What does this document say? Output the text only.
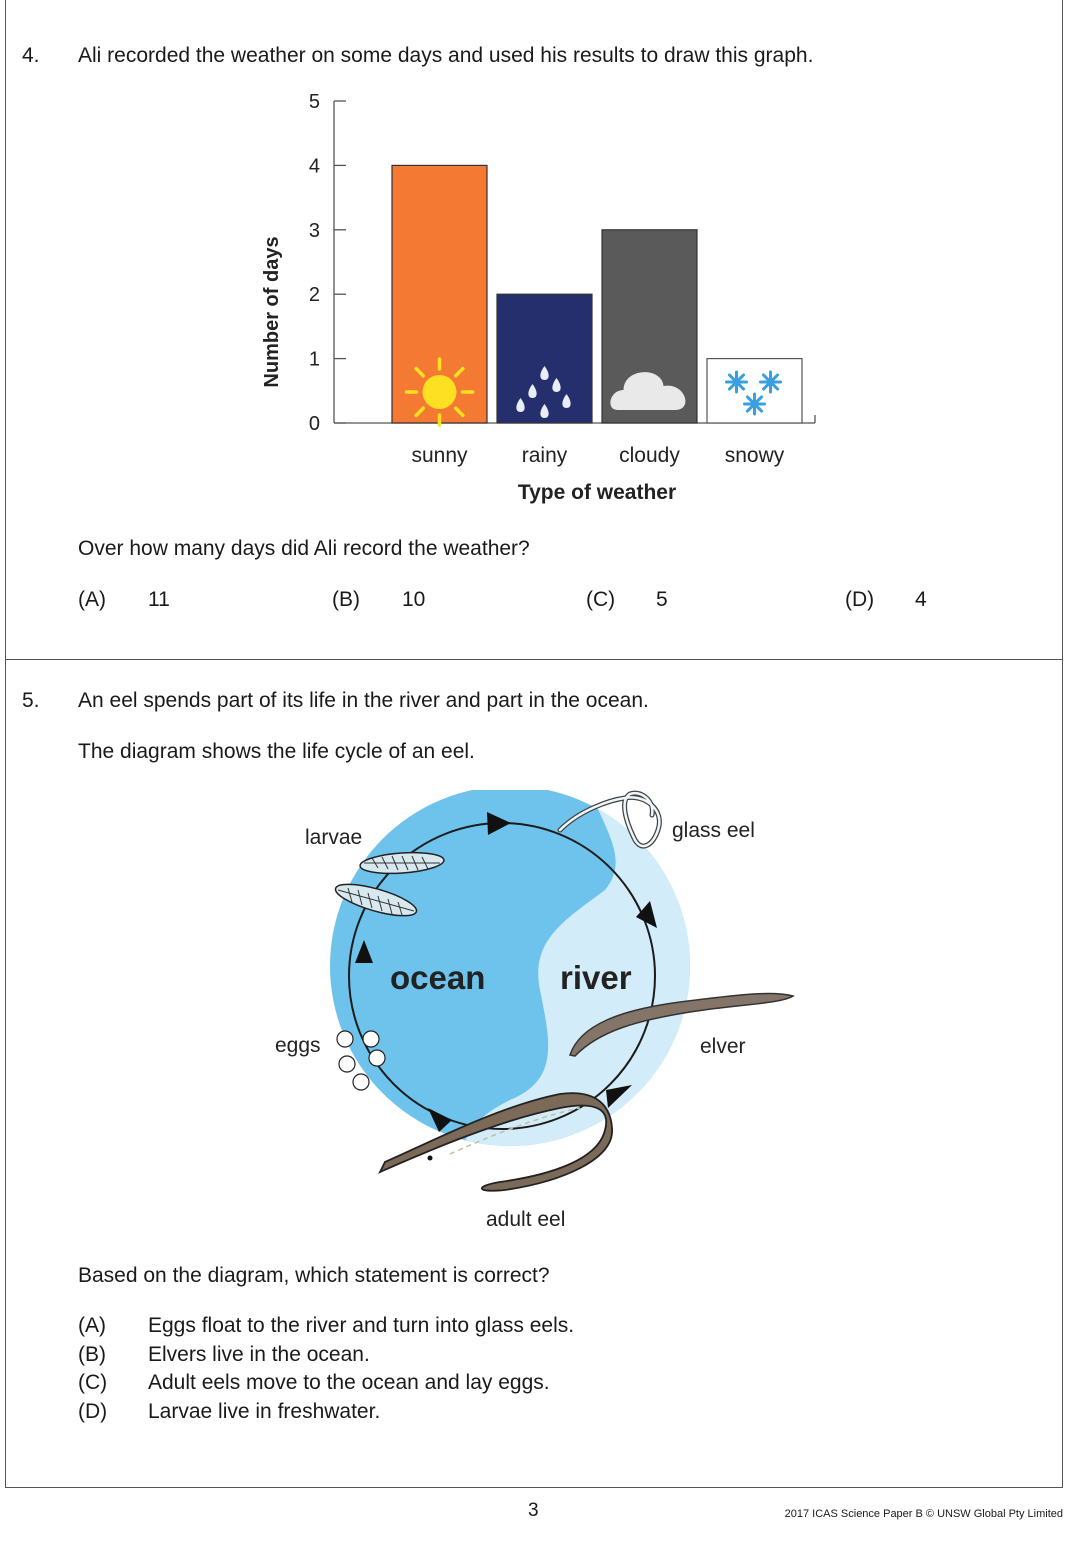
4. Ali recorded the weather on some days and used his results to draw this graph.
0
1
2
3
4
5
Number of days
Type of weather
sunny	rainy cloudy snowy
Over how many days did Ali record the weather?
(A) 11	(B) 10	(C) 5	(D) 4
5. An eel spends part of its life in the river and part in the ocean.
The diagram shows the life cycle of an eel.
ocean river
larvae	glass eel
elver
adult eel
eggs
Based on the diagram, which statement is correct?
(A) Eggs float to the river and turn into glass eels.
(B) Elvers live in the ocean.
(C) Adult eels move to the ocean and lay eggs.
(D) Larvae live in freshwater.
3	2017 ICAS Science Paper B © UNSW Global Pty Limited
